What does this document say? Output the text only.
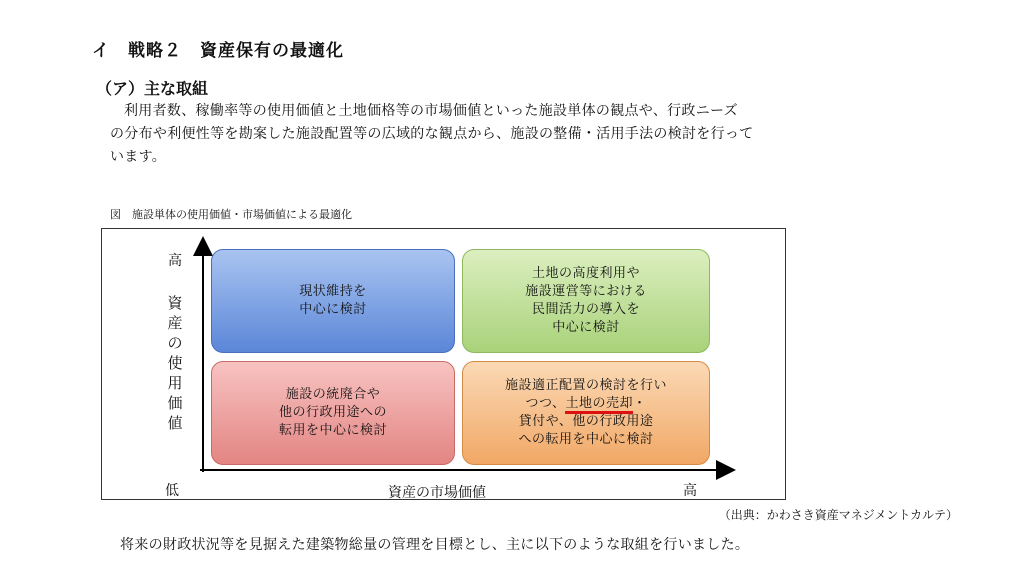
イ　戦略２　資産保有の最適化
（ア）主な取組
利用者数、稼働率等の使用価値と土地価格等の市場価値といった施設単体の観点や、行政ニーズ
の分布や利便性等を勘案した施設配置等の広域的な観点から、施設の整備・活用手法の検討を行って
います。
図　施設単体の使用価値・市場価値による最適化
高
資産の使用価値
低	資産の市場価値	高
現状維持を
中心に検討
土地の高度利用や
施設運営等における
民間活力の導入を
中心に検討
施設の統廃合や
他の行政用途への
転用を中心に検討
施設適正配置の検討を行い
つつ、土地の売却・
貸付や、他の行政用途
への転用を中心に検討
（出典：かわさき資産マネジメントカルテ）
将来の財政状況等を見据えた建築物総量の管理を目標とし、主に以下のような取組を行いました。
